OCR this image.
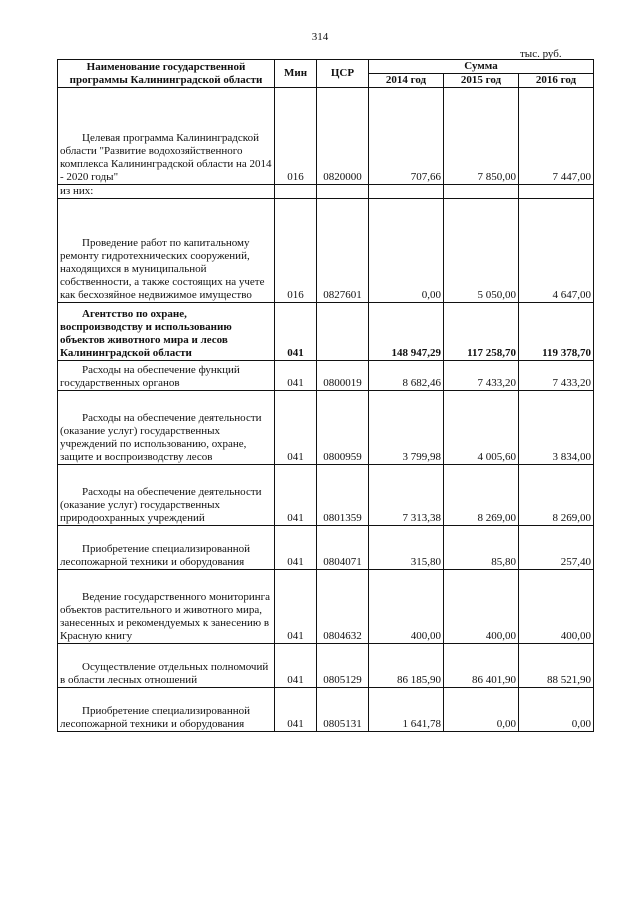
314
тыс. руб.
Наименование государственной
программы Калининградской области	Мин	ЦСР	Сумма		
			2014 год	2015 год	2016 год
Целевая программа Калининградской области "Развитие водохозяйственного комплекса Калининградской области на 2014 - 2020 годы"	016	0820000	707,66	7 850,00	7 447,00
из них:					
Проведение работ по капитальному ремонту гидротехнических сооружений, находящихся в муниципальной собственности, а также состоящих на учете как бесхозяйное недвижимое имущество	016	0827601	0,00	5 050,00	4 647,00
Агентство по охране, воспроизводству и использованию объектов животного мира и лесов Калининградской области	041		148 947,29	117 258,70	119 378,70
Расходы на обеспечение функций государственных органов	041	0800019	8 682,46	7 433,20	7 433,20
Расходы на обеспечение деятельности (оказание услуг) государственных учреждений по использованию, охране, защите и воспроизводству лесов	041	0800959	3 799,98	4 005,60	3 834,00
Расходы на обеспечение деятельности (оказание услуг) государственных природоохранных учреждений	041	0801359	7 313,38	8 269,00	8 269,00
Приобретение специализированной лесопожарной техники и оборудования	041	0804071	315,80	85,80	257,40
Ведение государственного мониторинга объектов растительного и животного мира, занесенных и рекомендуемых к занесению в Красную книгу	041	0804632	400,00	400,00	400,00
Осуществление отдельных полномочий в области лесных отношений	041	0805129	86 185,90	86 401,90	88 521,90
Приобретение специализированной лесопожарной техники и оборудования	041	0805131	1 641,78	0,00	0,00
